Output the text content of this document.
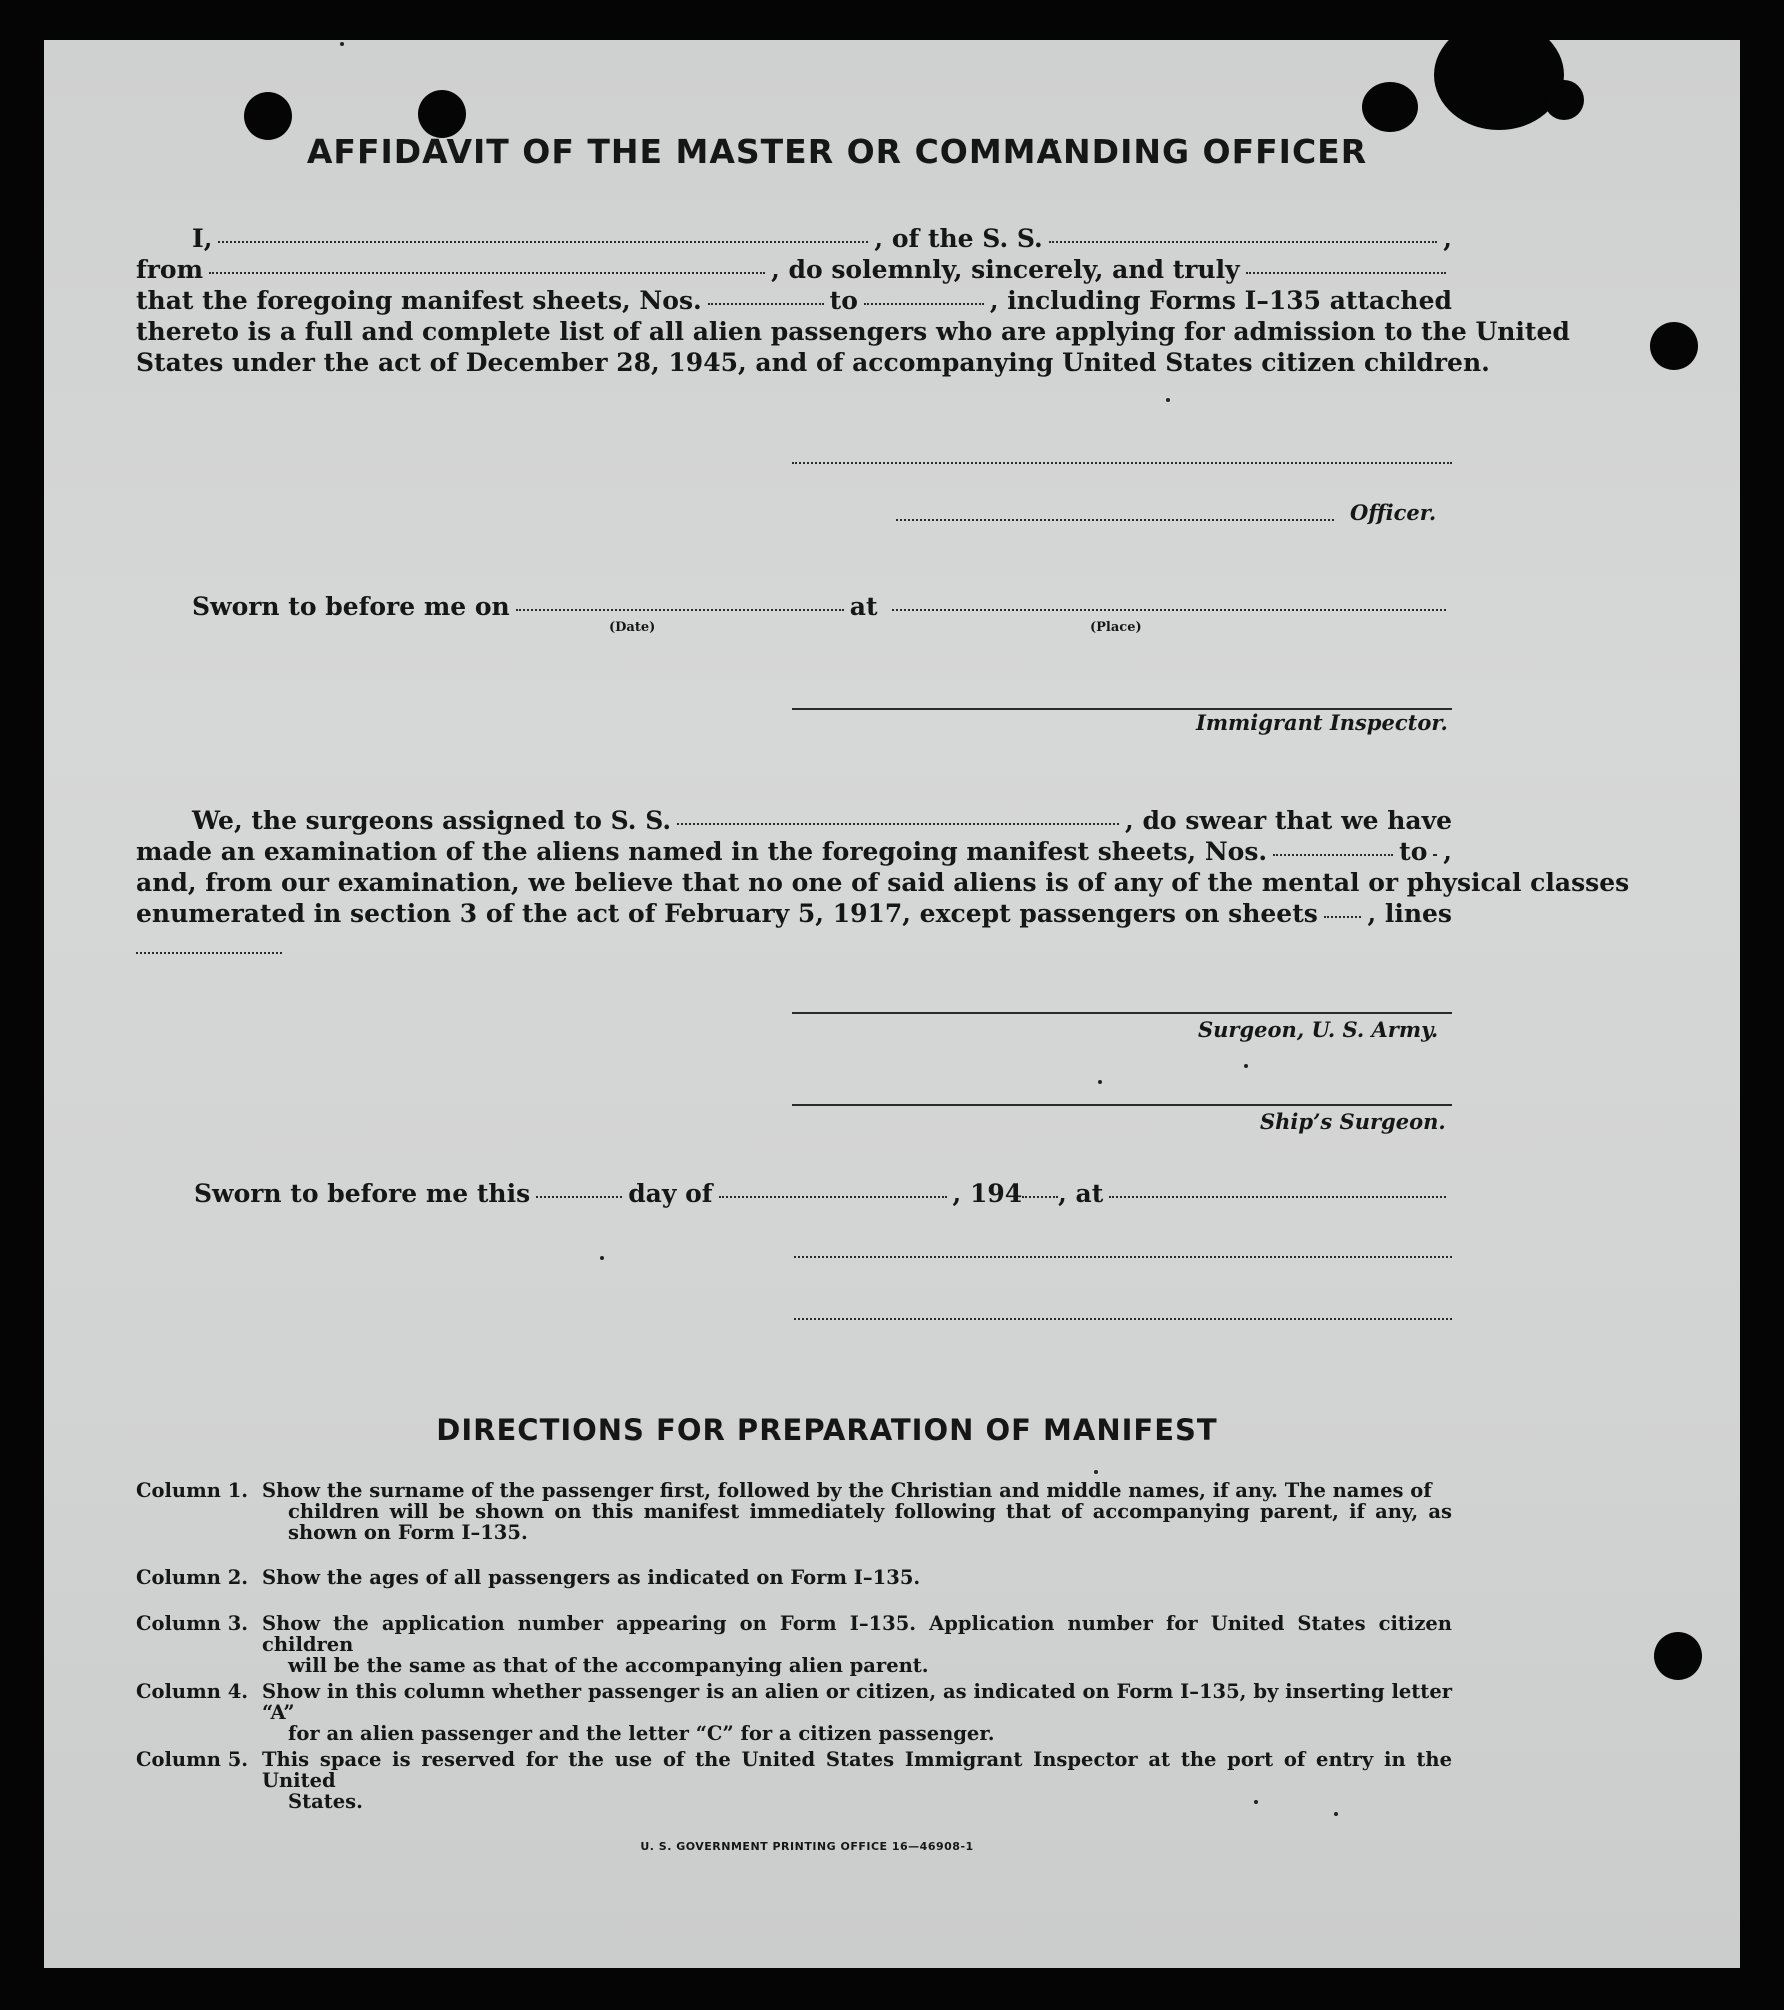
AFFIDAVIT OF THE MASTER OR COMMANDING OFFICER
I,	, of the S. S.	,
from	, do solemnly, sincerely, and truly
that the foregoing manifest sheets, Nos.	to	, including Forms I–135 attached
thereto is a full and complete list of all alien passengers who are applying for admission to the United
States under the act of December 28, 1945, and of accompanying United States citizen children.
Officer.
Sworn to before me on	at
(Date)	(Place)
Immigrant Inspector.
We, the surgeons assigned to S. S.	, do swear that we have
made an examination of the aliens named in the foregoing manifest sheets, Nos.	to ,
and, from our examination, we believe that no one of said aliens is of any of the mental or physical classes
enumerated in section 3 of the act of February 5, 1917, except passengers on sheets , lines
Surgeon, U. S. Army.
Ship’s Surgeon.
Sworn to before me this	day of	, 194 , at
DIRECTIONS FOR PREPARATION OF MANIFEST
Column 1. Show the surname of the passenger first, followed by the Christian and middle names, if any. The names of
children will be shown on this manifest immediately following that of accompanying parent, if any, as shown on Form I–135.
Column 2. Show the ages of all passengers as indicated on Form I–135.
Column 3. Show the application number appearing on Form I–135. Application number for United States citizen children
will be the same as that of the accompanying alien parent.
Column 4. Show in this column whether passenger is an alien or citizen, as indicated on Form I–135, by inserting letter “A”
for an alien passenger and the letter “C” for a citizen passenger.
Column 5. This space is reserved for the use of the United States Immigrant Inspector at the port of entry in the United
States.
U. S. GOVERNMENT PRINTING OFFICE 16—46908-1
